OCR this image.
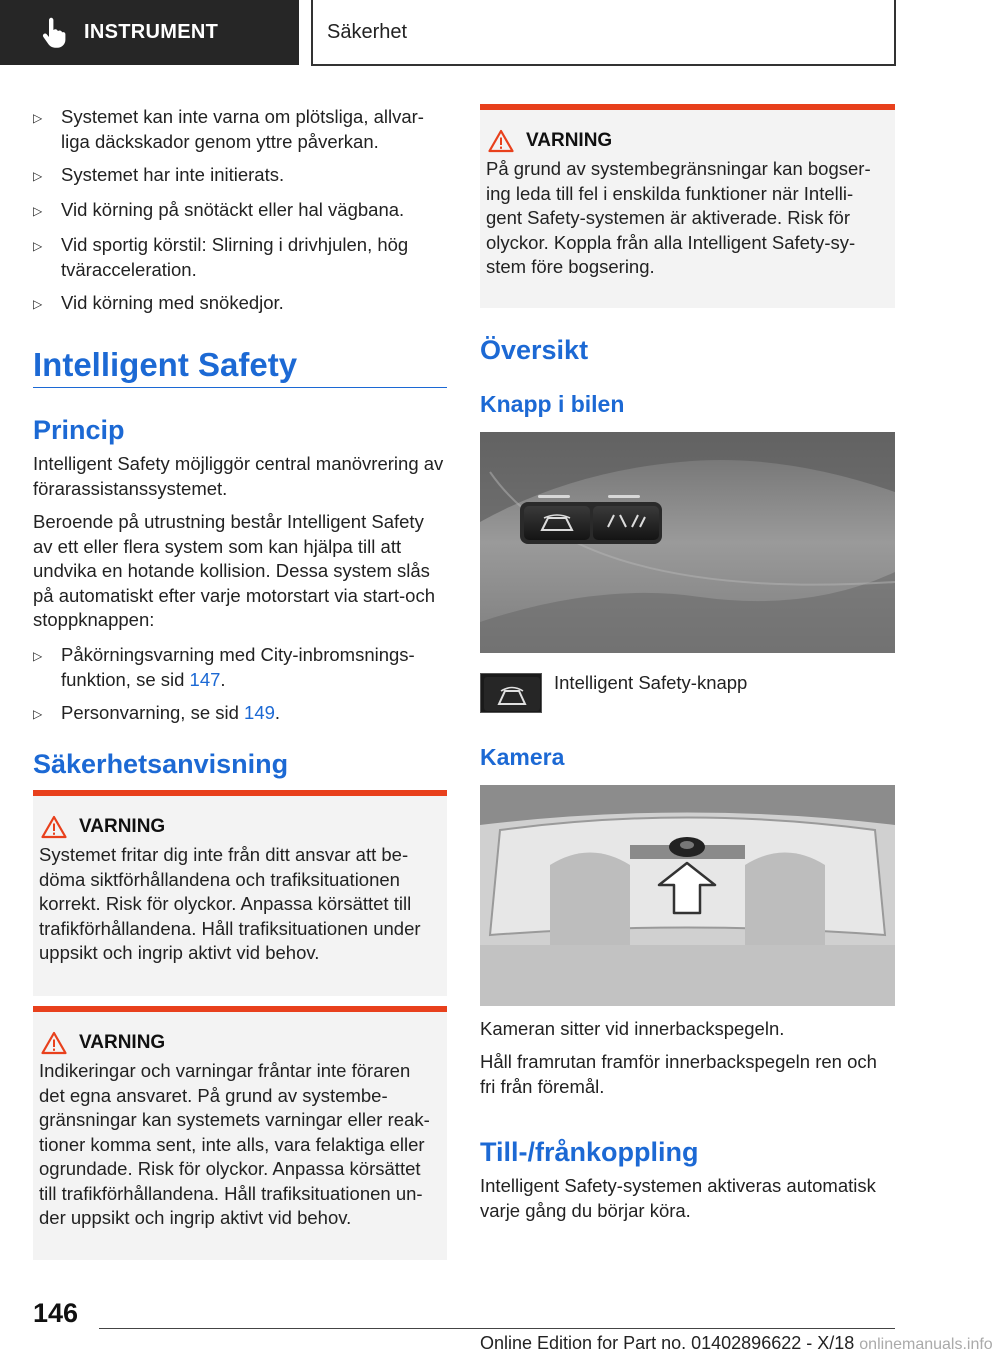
INSTRUMENT	Säkerhet
▷	Systemet kan inte varna om plötsliga, allvar-liga däckskador genom yttre påverkan.
▷	Systemet har inte initierats.
▷	Vid körning på snötäckt eller hal vägbana.
▷	Vid sportig körstil: Slirning i drivhjulen, hög tväracceleration.
▷	Vid körning med snökedjor.
Intelligent Safety
Princip
Intelligent Safety möjliggör central manövrering av förarassistanssystemet.
Beroende på utrustning består Intelligent Safety av ett eller flera system som kan hjälpa till att undvika en hotande kollision. Dessa system slås på automatiskt efter varje motorstart via start-och stoppknappen:
▷	Påkörningsvarning med City-inbromsnings-funktion, se sid 147.
▷	Personvarning, se sid 149.
Säkerhetsanvisning
VARNING
Systemet fritar dig inte från ditt ansvar att be-döma siktförhållandena och trafiksituationen korrekt. Risk för olyckor. Anpassa körsättet till trafikförhållandena. Håll trafiksituationen under uppsikt och ingrip aktivt vid behov.
VARNING
Indikeringar och varningar fråntar inte föraren det egna ansvaret. På grund av systembe-gränsningar kan systemets varningar eller reak-tioner komma sent, inte alls, vara felaktiga eller ogrundade. Risk för olyckor. Anpassa körsättet till trafikförhållandena. Håll trafiksituationen un-der uppsikt och ingrip aktivt vid behov.
VARNING
På grund av systembegränsningar kan bogser-ing leda till fel i enskilda funktioner när Intelli-gent Safety-systemen är aktiverade. Risk för olyckor. Koppla från alla Intelligent Safety-sy-stem före bogsering.
Översikt
Knapp i bilen
Intelligent Safety-knapp
Kamera
Kameran sitter vid innerbackspegeln.
Håll framrutan framför innerbackspegeln ren och fri från föremål.
Till-/frånkoppling
Intelligent Safety-systemen aktiveras automatisk varje gång du börjar köra.
146
Online Edition for Part no. 01402896622 - X/18 onlinemanuals.info
